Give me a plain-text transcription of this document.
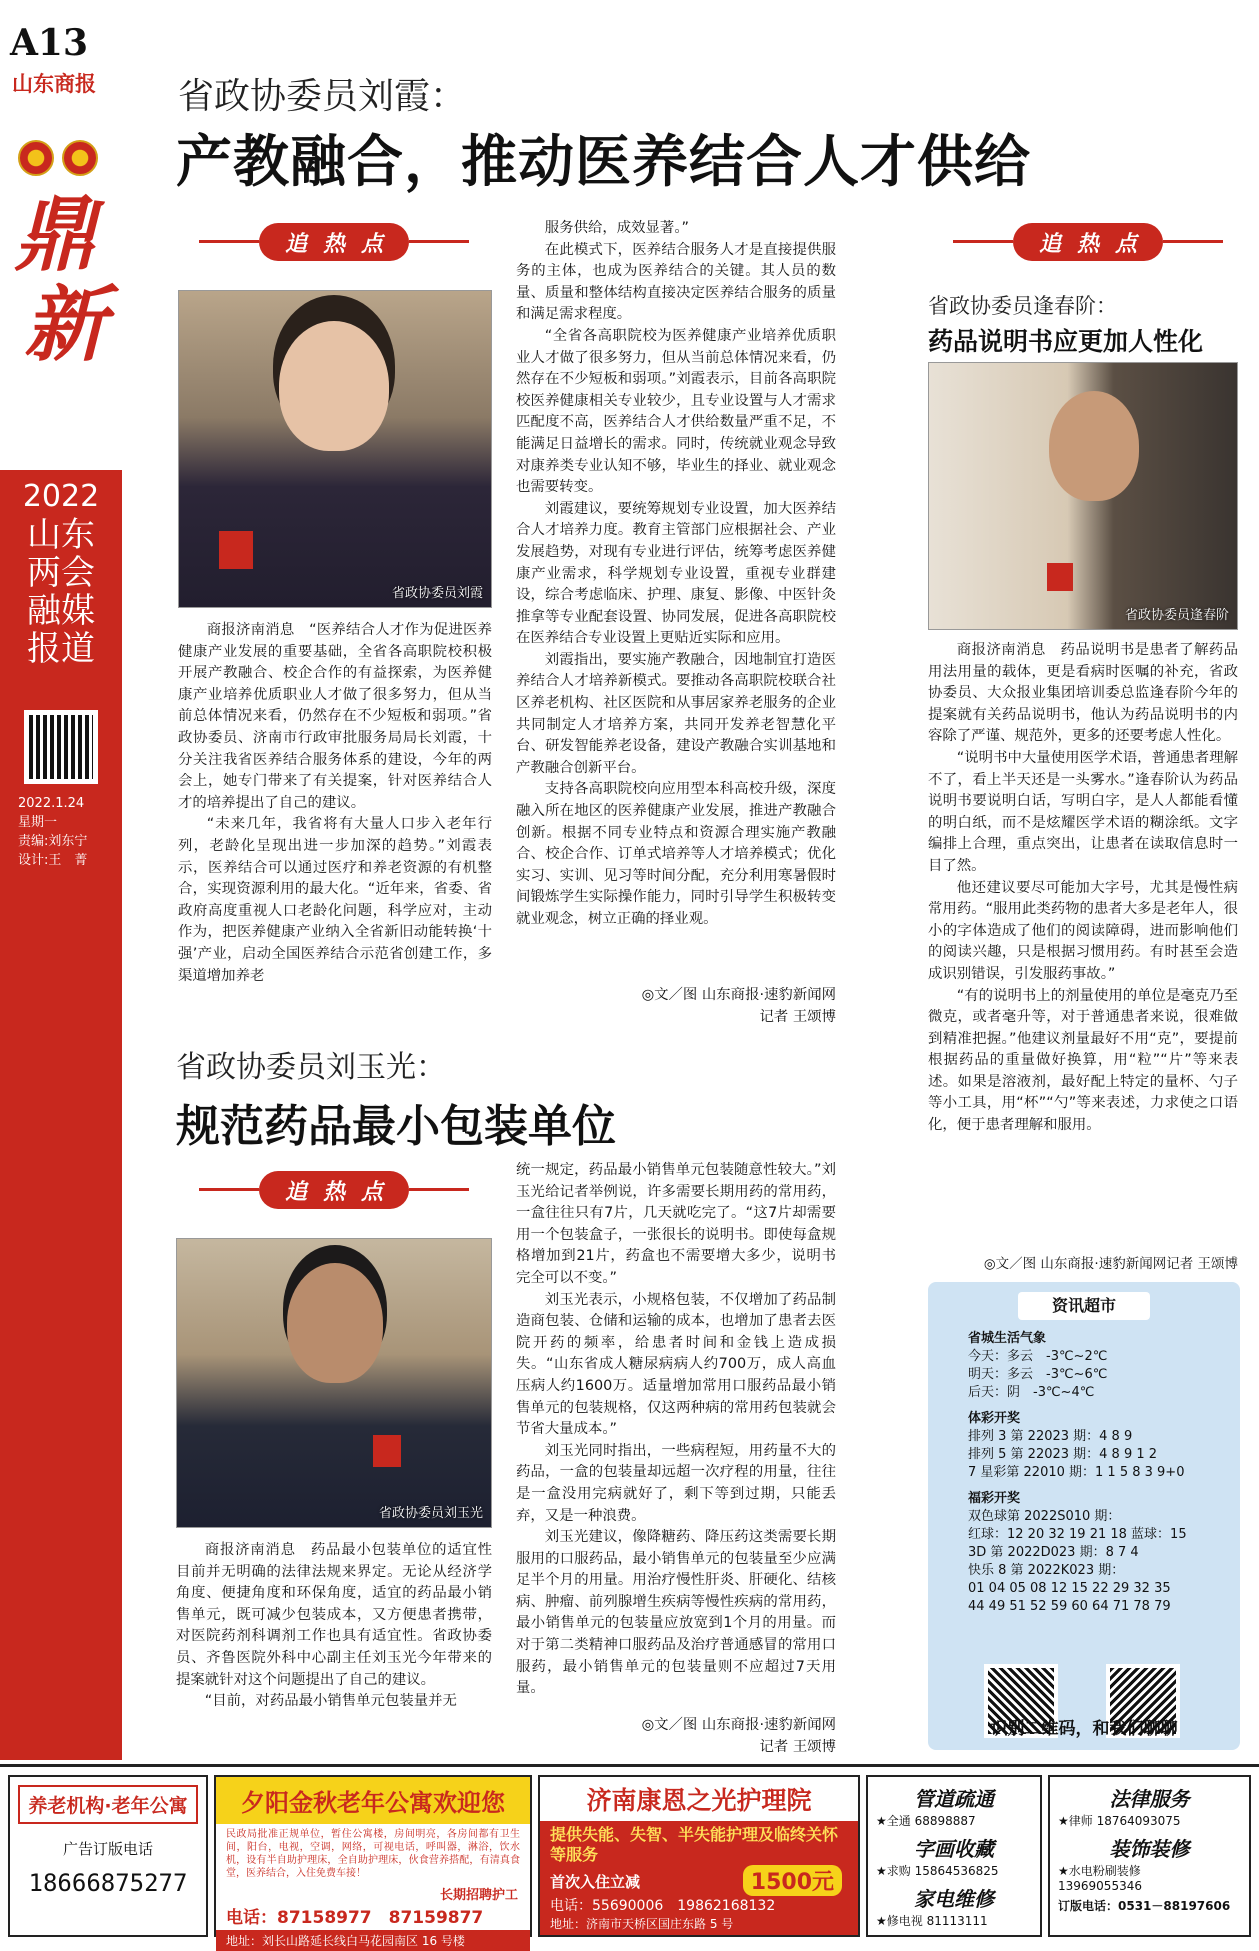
A13
山东商报
鼎
新
2022
山东
两会
融媒
报道
2022.1.24
星期一
责编:刘东宁
设计:王　菁
省政协委员刘霞：
产教融合，推动医养结合人才供给
追 热 点
省政协委员刘霞

商报济南消息　“医养结合人才作为促进医养健康产业发展的重要基础，全省各高职院校积极开展产教融合、校企合作的有益探索，为医养健康产业培养优质职业人才做了很多努力，但从当前总体情况来看，仍然存在不少短板和弱项。”省政协委员、济南市行政审批服务局局长刘霞，十分关注我省医养结合服务体系的建设，今年的两会上，她专门带来了有关提案，针对医养结合人才的培养提出了自己的建议。

“未来几年，我省将有大量人口步入老年行列，老龄化呈现出进一步加深的趋势。”刘霞表示，医养结合可以通过医疗和养老资源的有机整合，实现资源利用的最大化。“近年来，省委、省政府高度重视人口老龄化问题，科学应对，主动作为，把医养健康产业纳入全省新旧动能转换‘十强’产业，启动全国医养结合示范省创建工作，多渠道增加养老

服务供给，成效显著。”

在此模式下，医养结合服务人才是直接提供服务的主体，也成为医养结合的关键。其人员的数量、质量和整体结构直接决定医养结合服务的质量和满足需求程度。

“全省各高职院校为医养健康产业培养优质职业人才做了很多努力，但从当前总体情况来看，仍然存在不少短板和弱项。”刘霞表示，目前各高职院校医养健康相关专业较少，且专业设置与人才需求匹配度不高，医养结合人才供给数量严重不足，不能满足日益增长的需求。同时，传统就业观念导致对康养类专业认知不够，毕业生的择业、就业观念也需要转变。

刘霞建议，要统筹规划专业设置，加大医养结合人才培养力度。教育主管部门应根据社会、产业发展趋势，对现有专业进行评估，统筹考虑医养健康产业需求，科学规划专业设置，重视专业群建设，综合考虑临床、护理、康复、影像、中医针灸推拿等专业配套设置、协同发展，促进各高职院校在医养结合专业设置上更贴近实际和应用。

刘霞指出，要实施产教融合，因地制宜打造医养结合人才培养新模式。要推动各高职院校联合社区养老机构、社区医院和从事居家养老服务的企业共同制定人才培养方案，共同开发养老智慧化平台、研发智能养老设备，建设产教融合实训基地和产教融合创新平台。

支持各高职院校向应用型本科高校升级，深度融入所在地区的医养健康产业发展，推进产教融合创新。根据不同专业特点和资源合理实施产教融合、校企合作、订单式培养等人才培养模式；优化实习、实训、见习等时间分配，充分利用寒暑假时间锻炼学生实际操作能力，同时引导学生积极转变就业观念，树立正确的择业观。

◎文／图 山东商报·速豹新闻网
记者 王颂博
追 热 点
省政协委员逢春阶：
药品说明书应更加人性化
省政协委员逢春阶

商报济南消息　药品说明书是患者了解药品用法用量的载体，更是看病时医嘱的补充，省政协委员、大众报业集团培训委总监逢春阶今年的提案就有关药品说明书，他认为药品说明书的内容除了严谨、规范外，更多的还要考虑人性化。

“说明书中大量使用医学术语，普通患者理解不了，看上半天还是一头雾水。”逢春阶认为药品说明书要说明白话，写明白字，是人人都能看懂的明白纸，而不是炫耀医学术语的糊涂纸。文字编排上合理，重点突出，让患者在读取信息时一目了然。

他还建议要尽可能加大字号，尤其是慢性病常用药。“服用此类药物的患者大多是老年人，很小的字体造成了他们的阅读障碍，进而影响他们的阅读兴趣，只是根据习惯用药。有时甚至会造成识别错误，引发服药事故。”

“有的说明书上的剂量使用的单位是毫克乃至微克，或者毫升等，对于普通患者来说，很难做到精准把握。”他建议剂量最好不用“克”，要提前根据药品的重量做好换算，用“粒”“片”等来表述。如果是溶液剂，最好配上特定的量杯、勺子等小工具，用“杯”“勺”等来表述，力求使之口语化，便于患者理解和服用。

◎文／图 山东商报·速豹新闻网记者 王颂博
资讯超市
省城生活气象
今天：多云　-3℃~2℃
明天：多云　-3℃~6℃
后天：阴　-3℃~4℃
体彩开奖
排列 3 第 22023 期：4 8 9
排列 5 第 22023 期：4 8 9 1 2
7 星彩第 22010 期：1 1 5 8 3 9+0
福彩开奖
双色球第 2022S010 期：
红球：12 20 32 19 21 18 蓝球：15
3D 第 2022D023 期：8 7 4
快乐 8 第 2022K023 期：
01 04 05 08 12 15 22 29 32 35
44 49 51 52 59 60 64 71 78 79
识别二维码，和我们聊聊
省政协委员刘玉光：
规范药品最小包装单位
追 热 点
省政协委员刘玉光

商报济南消息　药品最小包装单位的适宜性目前并无明确的法律法规来界定。无论从经济学角度、便捷角度和环保角度，适宜的药品最小销售单元，既可减少包装成本，又方便患者携带，对医院药剂科调剂工作也具有适宜性。省政协委员、齐鲁医院外科中心副主任刘玉光今年带来的提案就针对这个问题提出了自己的建议。

“目前，对药品最小销售单元包装量并无

统一规定，药品最小销售单元包装随意性较大。”刘玉光给记者举例说，许多需要长期用药的常用药，一盒往往只有7片，几天就吃完了。“这7片却需要用一个包装盒子，一张很长的说明书。即使每盒规格增加到21片，药盒也不需要增大多少，说明书完全可以不变。”

刘玉光表示，小规格包装，不仅增加了药品制造商包装、仓储和运输的成本，也增加了患者去医院开药的频率，给患者时间和金钱上造成损失。“山东省成人糖尿病病人约700万，成人高血压病人约1600万。适量增加常用口服药品最小销售单元的包装规格，仅这两种病的常用药包装就会节省大量成本。”

刘玉光同时指出，一些病程短，用药量不大的药品，一盒的包装量却远超一次疗程的用量，往往是一盒没用完病就好了，剩下等到过期，只能丢弃，又是一种浪费。

刘玉光建议，像降糖药、降压药这类需要长期服用的口服药品，最小销售单元的包装量至少应满足半个月的用量。用治疗慢性肝炎、肝硬化、结核病、肿瘤、前列腺增生疾病等慢性疾病的常用药，最小销售单元的包装量应放宽到1个月的用量。而对于第二类精神口服药品及治疗普通感冒的常用口服药，最小销售单元的包装量则不应超过7天用量。

◎文／图 山东商报·速豹新闻网
记者 王颂博
养老机构·老年公寓
广告订版电话
18666875277
夕阳金秋老年公寓欢迎您
民政局批准正规单位，暂住公寓楼，房间明亮，各房间都有卫生间，阳台，电视，空调，网络，可视电话，呼叫器，淋浴，饮水机，设有半自助护理床，全自助护理床，伙食营养搭配，有清真食堂，医养结合，入住免费车接！
长期招聘护工
电话：87158977　87159877
地址：刘长山路延长线白马花园南区 16 号楼
济南康恩之光护理院
提供失能、失智、半失能护理及临终关怀等服务
1500元
首次入住立减
电话：55690006　19862168132
地址：济南市天桥区国庄东路 5 号
管道疏通
★全通 68898887
字画收藏
★求购 15864536825
家电维修
★修电视 81113111
法律服务
★律师 18764093075
装饰装修
★水电粉刷装修
13969055346
订版电话：0531－88197606
